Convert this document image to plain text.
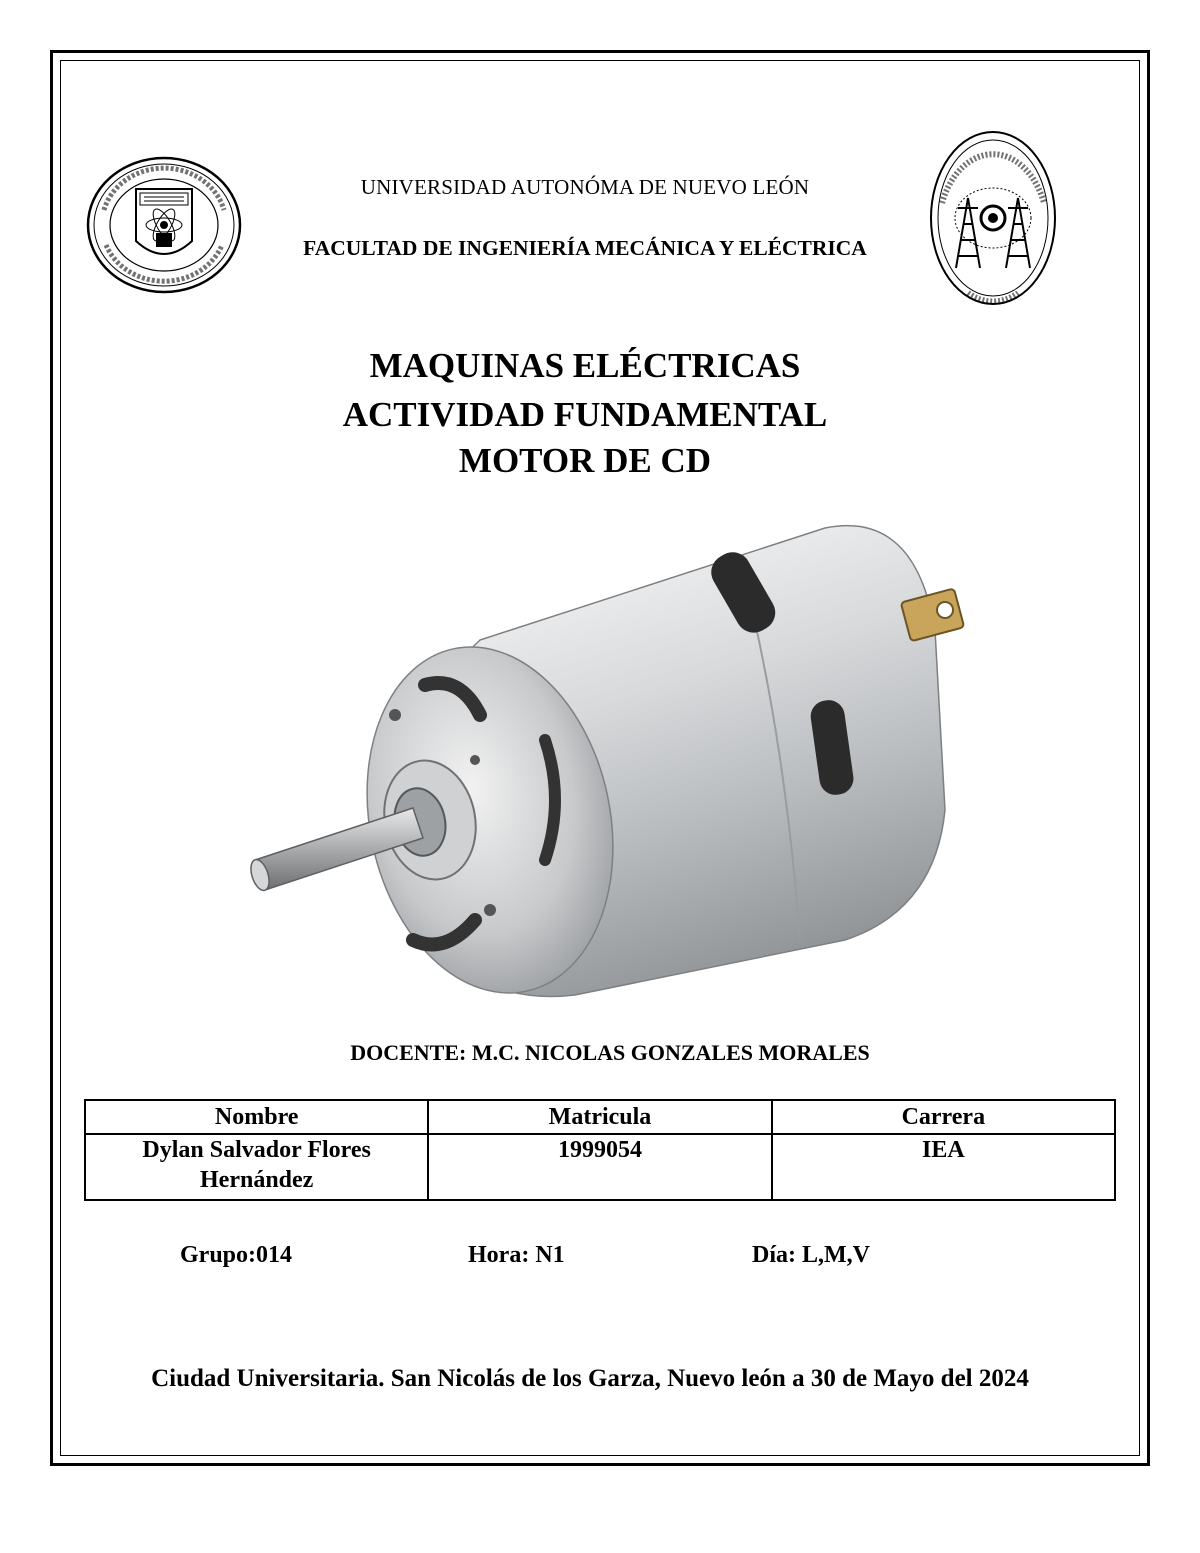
UNIVERSIDAD AUTONÓMA DE NUEVO LEÓN
FACULTAD DE INGENIERÍA MECÁNICA Y ELÉCTRICA
MAQUINAS ELÉCTRICAS
ACTIVIDAD FUNDAMENTAL
MOTOR DE CD
DOCENTE: M.C. NICOLAS GONZALES MORALES
Nombre	Matricula	Carrera
Dylan Salvador Flores Hernández	1999054	IEA
Grupo:014	Hora: N1	Día: L,M,V
Ciudad Universitaria. San Nicolás de los Garza, Nuevo león a 30 de Mayo del 2024
